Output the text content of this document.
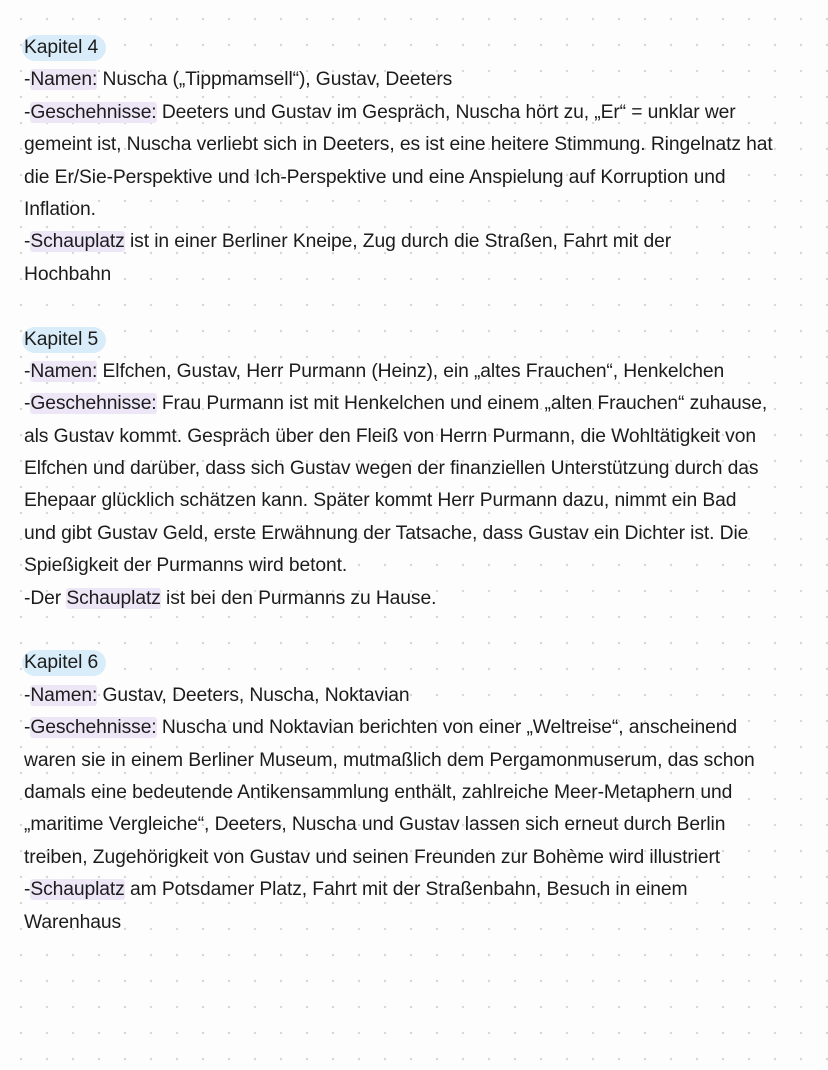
Kapitel 4
-Namen: Nuscha („Tippmamsell“), Gustav, Deeters
-Geschehnisse: Deeters und Gustav im Gespräch, Nuscha hört zu, „Er“ = unklar wer
gemeint ist, Nuscha verliebt sich in Deeters, es ist eine heitere Stimmung. Ringelnatz hat
die Er/Sie-Perspektive und Ich-Perspektive und eine Anspielung auf Korruption und
Inflation.
-Schauplatz ist in einer Berliner Kneipe, Zug durch die Straßen, Fahrt mit der
Hochbahn
Kapitel 5
-Namen: Elfchen, Gustav, Herr Purmann (Heinz), ein „altes Frauchen“, Henkelchen
-Geschehnisse: Frau Purmann ist mit Henkelchen und einem „alten Frauchen“ zuhause,
als Gustav kommt. Gespräch über den Fleiß von Herrn Purmann, die Wohltätigkeit von
Elfchen und darüber, dass sich Gustav wegen der finanziellen Unterstützung durch das
Ehepaar glücklich schätzen kann. Später kommt Herr Purmann dazu, nimmt ein Bad
und gibt Gustav Geld, erste Erwähnung der Tatsache, dass Gustav ein Dichter ist. Die
Spießigkeit der Purmanns wird betont.
-Der Schauplatz ist bei den Purmanns zu Hause.
Kapitel 6
-Namen: Gustav, Deeters, Nuscha, Noktavian
-Geschehnisse: Nuscha und Noktavian berichten von einer „Weltreise“, anscheinend
waren sie in einem Berliner Museum, mutmaßlich dem Pergamonmuserum, das schon
damals eine bedeutende Antikensammlung enthält, zahlreiche Meer-Metaphern und
„maritime Vergleiche“, Deeters, Nuscha und Gustav lassen sich erneut durch Berlin
treiben, Zugehörigkeit von Gustav und seinen Freunden zur Bohème wird illustriert
-Schauplatz am Potsdamer Platz, Fahrt mit der Straßenbahn, Besuch in einem
Warenhaus
